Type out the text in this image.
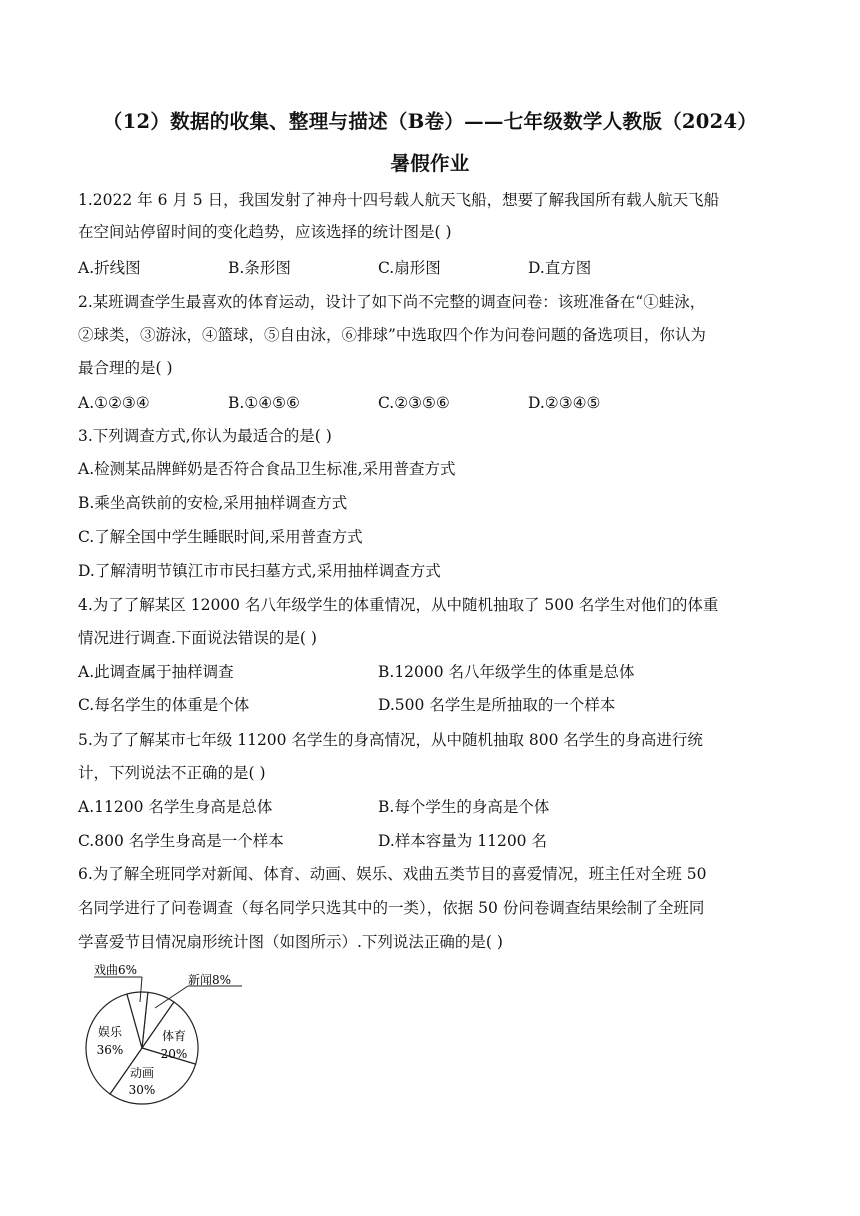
（12）数据的收集、整理与描述（B卷）——七年级数学人教版（2024）
暑假作业
1.2022 年 6 月 5 日，我国发射了神舟十四号载人航天飞船，想要了解我国所有载人航天飞船
在空间站停留时间的变化趋势，应该选择的统计图是( )
A.折线图	B.条形图	C.扇形图	D.直方图
2.某班调查学生最喜欢的体育运动，设计了如下尚不完整的调查问卷：该班准备在“①蛙泳，
②球类，③游泳，④篮球，⑤自由泳，⑥排球”中选取四个作为问卷问题的备选项目，你认为
最合理的是( )
A.①②③④	B.①④⑤⑥	C.②③⑤⑥	D.②③④⑤
3.下列调查方式,你认为最适合的是( )
A.检测某品牌鲜奶是否符合食品卫生标准,采用普查方式
B.乘坐高铁前的安检,采用抽样调查方式
C.了解全国中学生睡眠时间,采用普查方式
D.了解清明节镇江市市民扫墓方式,采用抽样调查方式
4.为了了解某区 12000 名八年级学生的体重情况，从中随机抽取了 500 名学生对他们的体重
情况进行调查.下面说法错误的是( )
A.此调查属于抽样调查	B.12000 名八年级学生的体重是总体
C.每名学生的体重是个体	D.500 名学生是所抽取的一个样本
5.为了了解某市七年级 11200 名学生的身高情况，从中随机抽取 800 名学生的身高进行统
计，下列说法不正确的是( )
A.11200 名学生身高是总体	B.每个学生的身高是个体
C.800 名学生身高是一个样本	D.样本容量为 11200 名
6.为了解全班同学对新闻、体育、动画、娱乐、戏曲五类节目的喜爱情况，班主任对全班 50
名同学进行了问卷调查（每名同学只选其中的一类），依据 50 份问卷调查结果绘制了全班同
学喜爱节目情况扇形统计图（如图所示）.下列说法正确的是( )
新闻8%
体育
20%
动画
30%
娱乐
36%
戏曲6%
